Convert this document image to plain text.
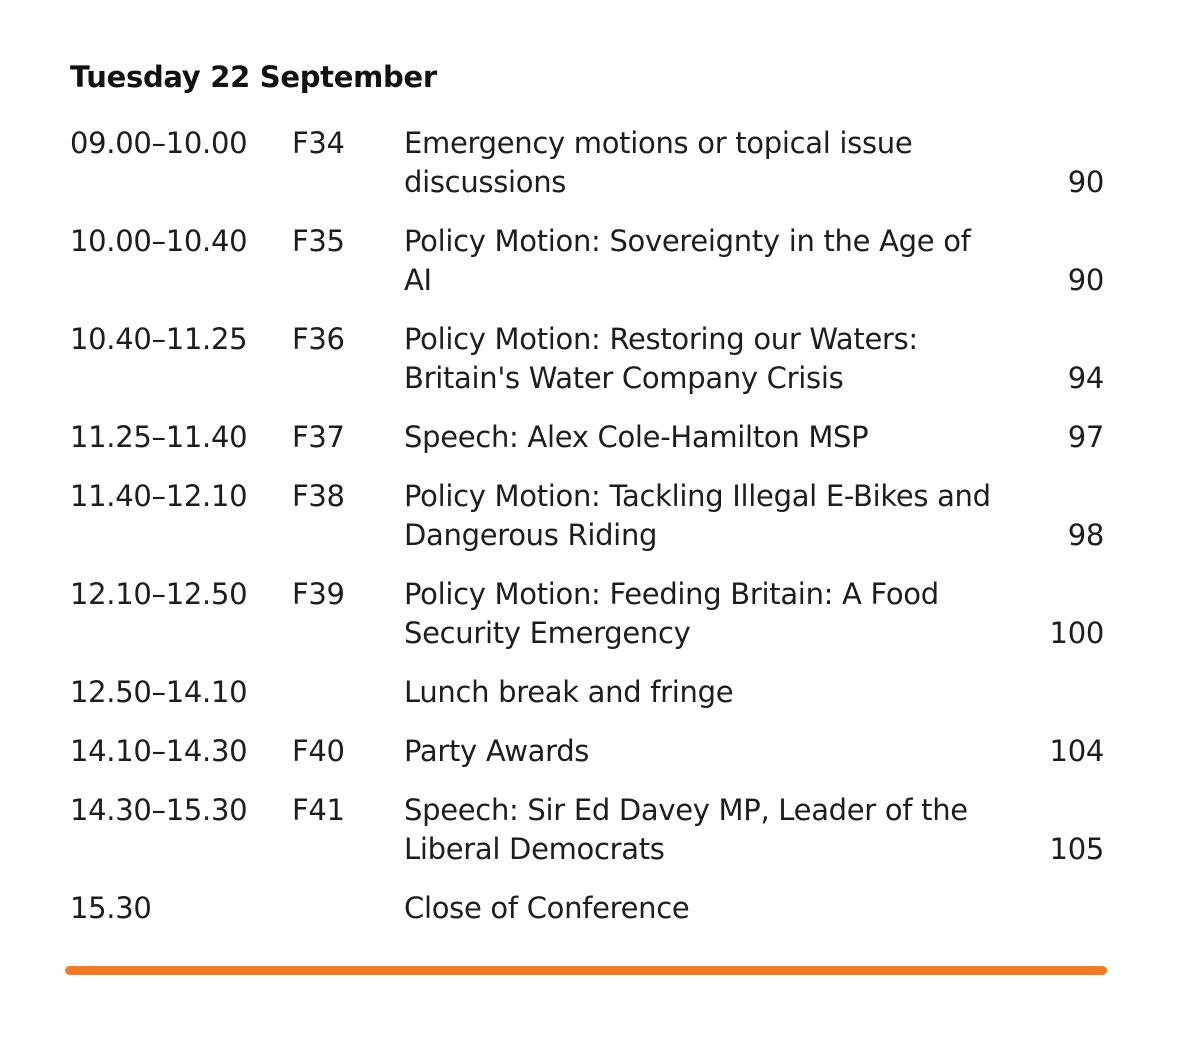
Tuesday 22 September
09.00–10.00	F34	Emergency motions or topical issue discussions	90
10.00–10.40	F35	Policy Motion: Sovereignty in the Age of AI	90
10.40–11.25	F36	Policy Motion: Restoring our Waters: Britain's Water Company Crisis	94
11.25–11.40	F37	Speech: Alex Cole-Hamilton MSP	97
11.40–12.10	F38	Policy Motion: Tackling Illegal E-Bikes and Dangerous Riding	98
12.10–12.50	F39	Policy Motion: Feeding Britain: A Food Security Emergency	100
12.50–14.10	Lunch break and fringe
14.10–14.30	F40	Party Awards	104
14.30–15.30	F41	Speech: Sir Ed Davey MP, Leader of the Liberal Democrats	105
15.30	Close of Conference
